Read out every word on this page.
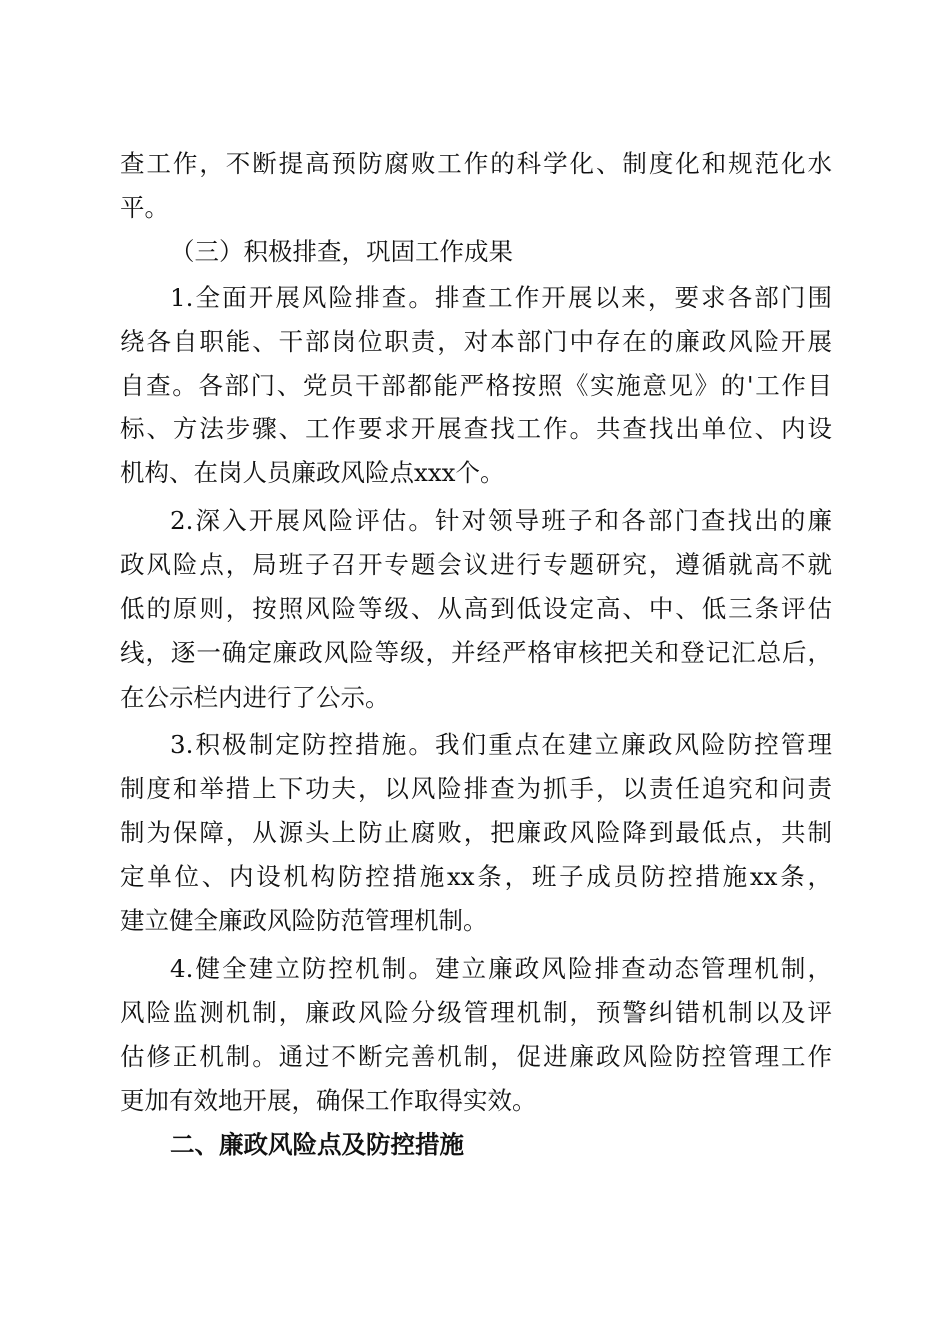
查工作，不断提高预防腐败工作的科学化、制度化和规范化水
平。
（三）积极排查，巩固工作成果
1.全面开展风险排查。排查工作开展以来，要求各部门围
绕各自职能、干部岗位职责，对本部门中存在的廉政风险开展
自查。各部门、党员干部都能严格按照《实施意见》的'工作目
标、方法步骤、工作要求开展查找工作。共查找出单位、内设
机构、在岗人员廉政风险点xxx个。
2.深入开展风险评估。针对领导班子和各部门查找出的廉
政风险点，局班子召开专题会议进行专题研究，遵循就高不就
低的原则，按照风险等级、从高到低设定高、中、低三条评估
线，逐一确定廉政风险等级，并经严格审核把关和登记汇总后，
在公示栏内进行了公示。
3.积极制定防控措施。我们重点在建立廉政风险防控管理
制度和举措上下功夫，以风险排查为抓手，以责任追究和问责
制为保障，从源头上防止腐败，把廉政风险降到最低点，共制
定单位、内设机构防控措施xx条，班子成员防控措施xx条，
建立健全廉政风险防范管理机制。
4.健全建立防控机制。建立廉政风险排查动态管理机制，
风险监测机制，廉政风险分级管理机制，预警纠错机制以及评
估修正机制。通过不断完善机制，促进廉政风险防控管理工作
更加有效地开展，确保工作取得实效。
二、廉政风险点及防控措施
